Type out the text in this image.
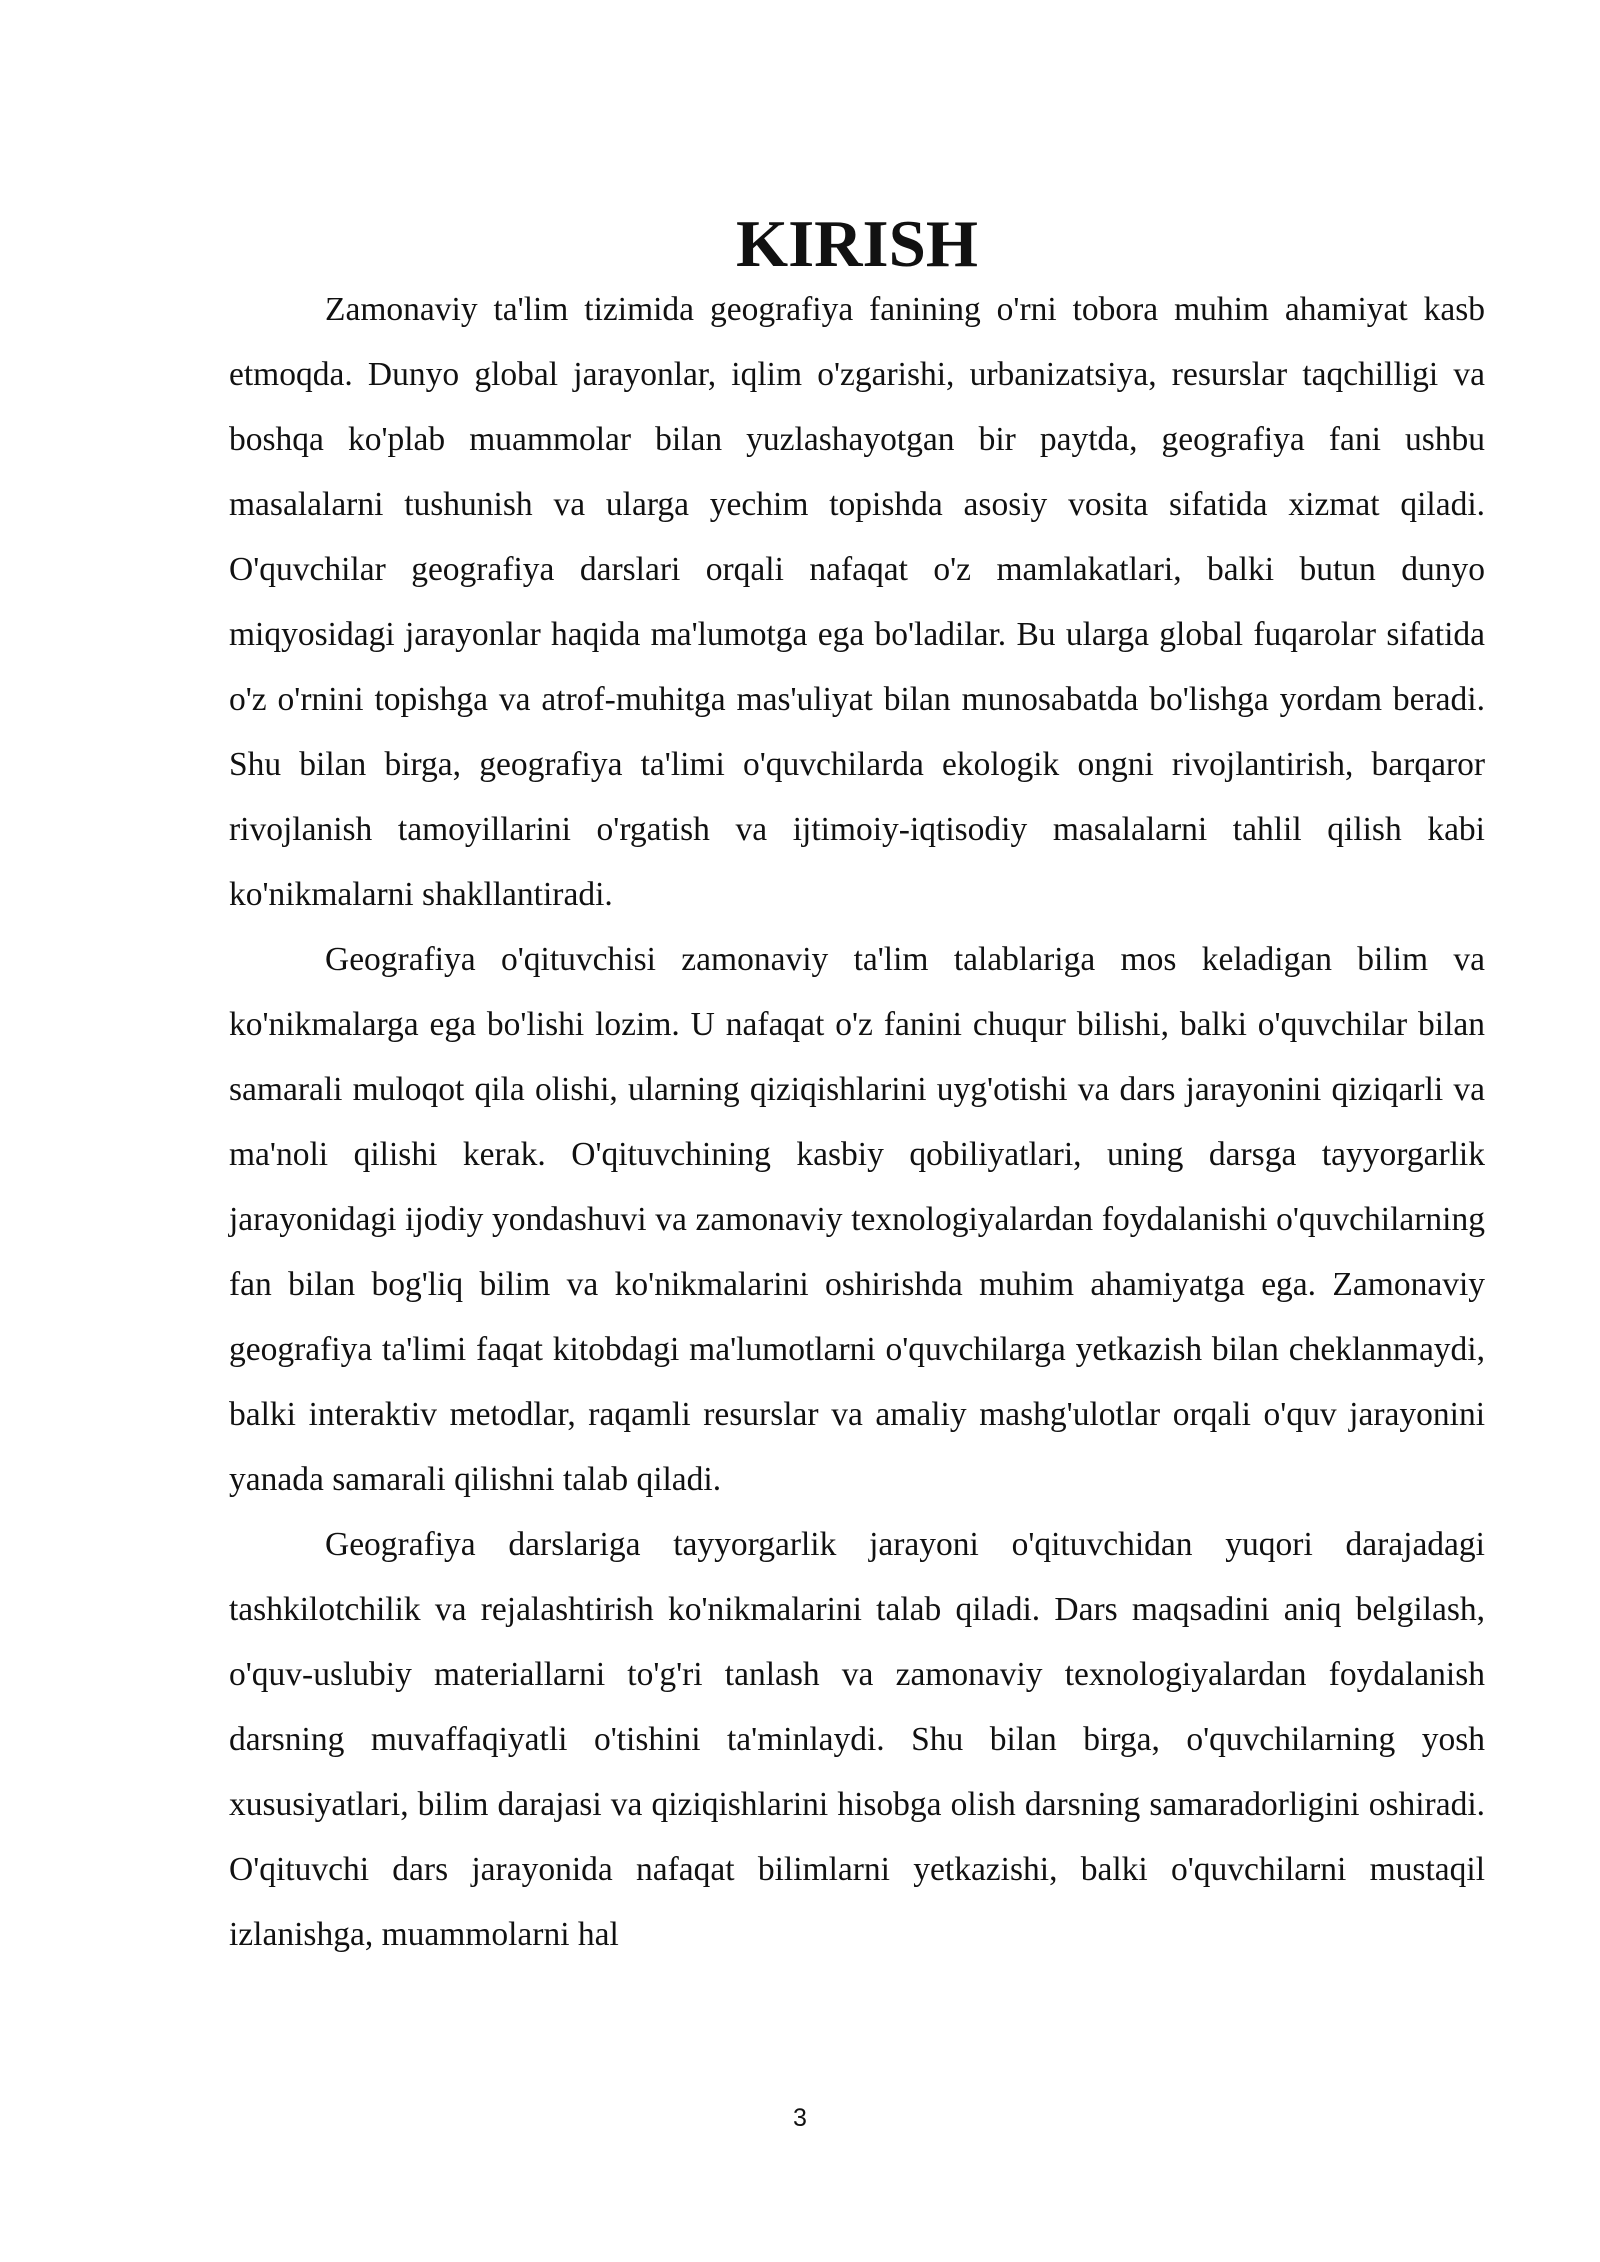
KIRISH

Zamonaviy ta'lim tizimida geografiya fanining o'rni tobora muhim ahamiyat kasb etmoqda. Dunyo global jarayonlar, iqlim o'zgarishi, urbanizatsiya, resurslar taqchilligi va boshqa ko'plab muammolar bilan yuzlashayotgan bir paytda, geografiya fani ushbu masalalarni tushunish va ularga yechim topishda asosiy vosita sifatida xizmat qiladi. O'quvchilar geografiya darslari orqali nafaqat o'z mamlakatlari, balki butun dunyo miqyosidagi jarayonlar haqida ma'lumotga ega bo'ladilar. Bu ularga global fuqarolar sifatida o'z o'rnini topishga va atrof-muhitga mas'uliyat bilan munosabatda bo'lishga yordam beradi. Shu bilan birga, geografiya ta'limi o'quvchilarda ekologik ongni rivojlantirish, barqaror rivojlanish tamoyillarini o'rgatish va ijtimoiy-iqtisodiy masalalarni tahlil qilish kabi ko'nikmalarni shakllantiradi.

Geografiya o'qituvchisi zamonaviy ta'lim talablariga mos keladigan bilim va ko'nikmalarga ega bo'lishi lozim. U nafaqat o'z fanini chuqur bilishi, balki o'quvchilar bilan samarali muloqot qila olishi, ularning qiziqishlarini uyg'otishi va dars jarayonini qiziqarli va ma'noli qilishi kerak. O'qituvchining kasbiy qobiliyatlari, uning darsga tayyorgarlik jarayonidagi ijodiy yondashuvi va zamonaviy texnologiyalardan foydalanishi o'quvchilarning fan bilan bog'liq bilim va ko'nikmalarini oshirishda muhim ahamiyatga ega. Zamonaviy geografiya ta'limi faqat kitobdagi ma'lumotlarni o'quvchilarga yetkazish bilan cheklanmaydi, balki interaktiv metodlar, raqamli resurslar va amaliy mashg'ulotlar orqali o'quv jarayonini yanada samarali qilishni talab qiladi.

Geografiya darslariga tayyorgarlik jarayoni o'qituvchidan yuqori darajadagi tashkilotchilik va rejalashtirish ko'nikmalarini talab qiladi. Dars maqsadini aniq belgilash, o'quv-uslubiy materiallarni to'g'ri tanlash va zamonaviy texnologiyalardan foydalanish darsning muvaffaqiyatli o'tishini ta'minlaydi. Shu bilan birga, o'quvchilarning yosh xususiyatlari, bilim darajasi va qiziqishlarini hisobga olish darsning samaradorligini oshiradi. O'qituvchi dars jarayonida nafaqat bilimlarni yetkazishi, balki o'quvchilarni mustaqil izlanishga, muammolarni hal

3
